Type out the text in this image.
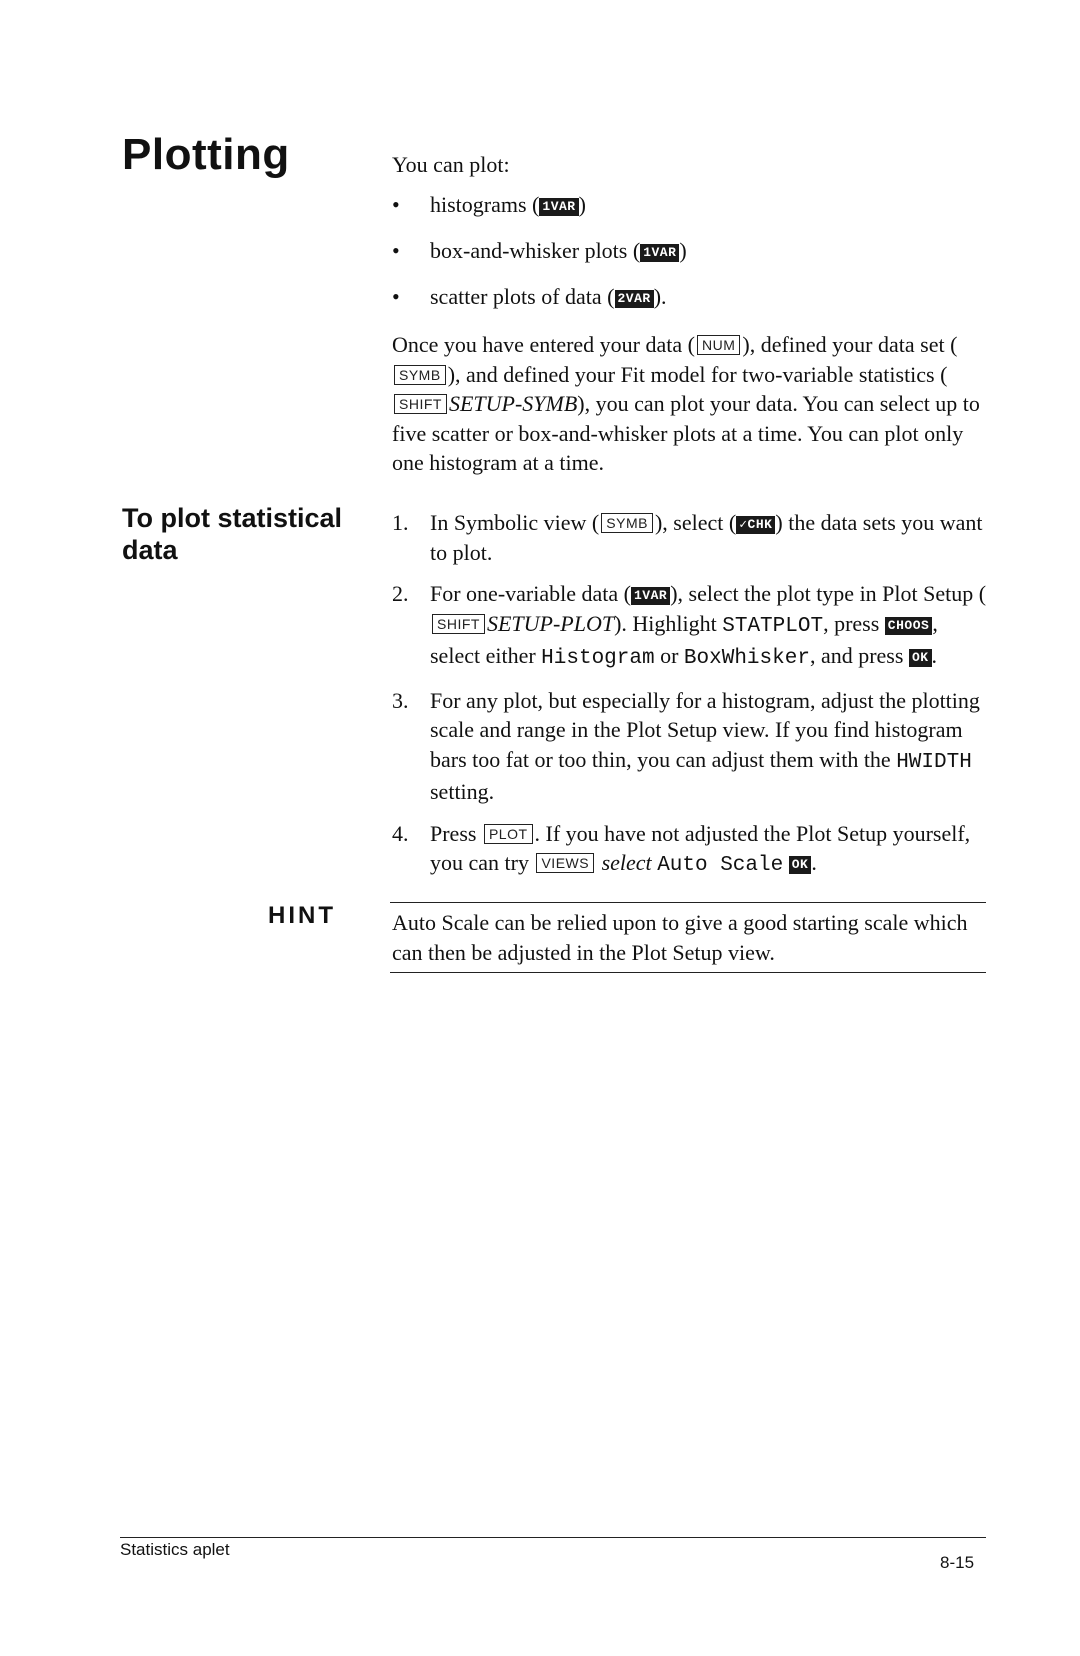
Plotting	You can plot:
• histograms ( 1VAR )
• box-and-whisker plots ( 1VAR )
• scatter plots of data ( 2VAR ).

Once you have entered your data ( NUM ), defined your data set (SYMB ), and defined your Fit model for two-variable statistics (SHIFT SETUP-SYMB), you can plot your data. You can select up to five scatter or box-and-whisker plots at a time. You can plot only one histogram at a time.

To plot statistical data
1. In Symbolic view ( SYMB ), select ( ✓CHK ) the data sets you want to plot.
2. For one-variable data ( 1VAR ), select the plot type in Plot Setup (SHIFT SETUP-PLOT). Highlight STATPLOT, press CHOOS , select either Histogram or BoxWhisker, and press OK .
3. For any plot, but especially for a histogram, adjust the plotting scale and range in the Plot Setup view. If you find histogram bars too fat or too thin, you can adjust them with the HWIDTH setting.
4. Press PLOT . If you have not adjusted the Plot Setup yourself, you can try VIEWS select Auto Scale OK .
HINT	Auto Scale can be relied upon to give a good starting scale which can then be adjusted in the Plot Setup view.
Statistics aplet
8-15
